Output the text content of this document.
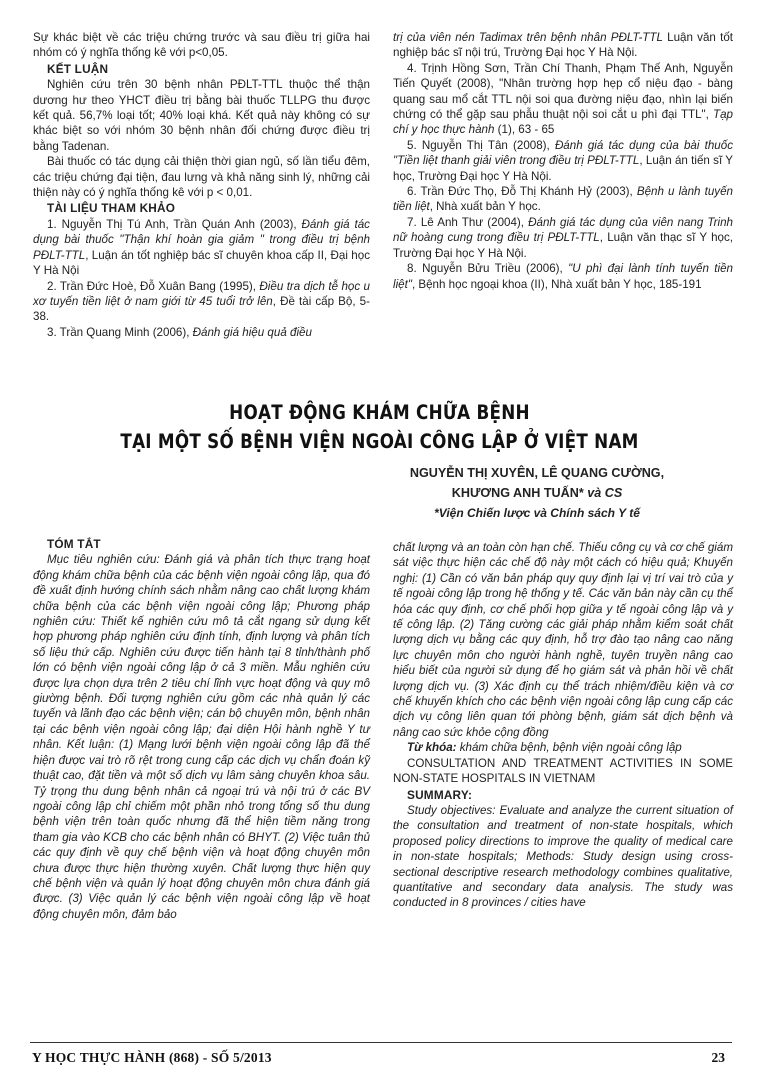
Sự khác biệt về các triệu chứng trước và sau điều trị giữa hai nhóm có ý nghĩa thống kê với p<0,05.

KẾT LUẬN

Nghiên cứu trên 30 bệnh nhân PĐLT-TTL thuộc thể thận dương hư theo YHCT điều trị bằng bài thuốc TLLPG thu được kết quả. 56,7% loại tốt; 40% loại khá. Kết quả này không có sự khác biệt so với nhóm 30 bệnh nhân đối chứng được điều trị bằng Tadenan.

Bài thuốc có tác dụng cải thiện thời gian ngủ, số lần tiểu đêm, các triệu chứng đại tiện, đau lưng và khả năng sinh lý, những cải thiện này có ý nghĩa thống kê với p < 0,01.

TÀI LIỆU THAM KHẢO

1. Nguyễn Thị Tú Anh, Trần Quán Anh (2003), Đánh giá tác dụng bài thuốc "Thận khí hoàn gia giảm " trong điều trị bệnh PĐLT-TTL, Luận án tốt nghiệp bác sĩ chuyên khoa cấp II, Đại học Y Hà Nội

2. Trần Đức Hoè, Đỗ Xuân Bang (1995), Điều tra dịch tễ học u xơ tuyến tiền liệt ở nam giới từ 45 tuổi trở lên, Đề tài cấp Bộ, 5-38.

3. Trần Quang Minh (2006), Đánh giá hiệu quả điều

trị của viên nén Tadimax trên bệnh nhân PĐLT-TTL Luận văn tốt nghiệp bác sĩ nội trú, Trường Đại học Y Hà Nội.

4. Trịnh Hồng Sơn, Trần Chí Thanh, Phạm Thế Anh, Nguyễn Tiến Quyết (2008), "Nhân trường hợp hẹp cổ niệu đạo - bàng quang sau mổ cắt TTL nội soi qua đường niệu đạo, nhìn lại biến chứng có thể gặp sau phẫu thuật nội soi cắt u phì đại TTL", Tạp chí y học thực hành (1), 63 - 65

5. Nguyễn Thị Tân (2008), Đánh giá tác dụng của bài thuốc "Tiền liệt thanh giải viên trong điều trị PĐLT-TTL, Luận án tiến sĩ Y học, Trường Đại học Y Hà Nội.

6. Trần Đức Thọ, Đỗ Thị Khánh Hỷ (2003), Bệnh u lành tuyến tiền liệt, Nhà xuất bản Y học.

7. Lê Anh Thư (2004), Đánh giá tác dụng của viên nang Trinh nữ hoàng cung trong điều trị PĐLT-TTL, Luận văn thạc sĩ Y học, Trường Đại học Y Hà Nội.

8. Nguyễn Bửu Triều (2006), "U phì đại lành tính tuyến tiền liệt", Bệnh học ngoại khoa (II), Nhà xuất bản Y học, 185-191

HOẠT ĐỘNG KHÁM CHỮA BỆNH
TẠI MỘT SỐ BỆNH VIỆN NGOÀI CÔNG LẬP Ở VIỆT NAM
NGUYỄN THỊ XUYÊN, LÊ QUANG CƯỜNG,
KHƯƠNG ANH TUẤN* và CS
*Viện Chiến lược và Chính sách Y tế
TÓM TẮT

Mục tiêu nghiên cứu: Đánh giá và phân tích thực trạng hoạt động khám chữa bệnh của các bệnh viện ngoài công lập, qua đó đề xuất định hướng chính sách nhằm nâng cao chất lượng khám chữa bệnh của các bệnh viện ngoài công lập; Phương pháp nghiên cứu: Thiết kế nghiên cứu mô tả cắt ngang sử dụng kết hợp phương pháp nghiên cứu định tính, định lượng và phân tích số liệu thứ cấp. Nghiên cứu được tiến hành tại 8 tỉnh/thành phố lớn có bệnh viện ngoài công lập ở cả 3 miền. Mẫu nghiên cứu được lựa chọn dựa trên 2 tiêu chí lĩnh vực hoạt động và quy mô giường bệnh. Đối tượng nghiên cứu gồm các nhà quản lý các tuyến và lãnh đạo các bệnh viện; cán bộ chuyên môn, bệnh nhân tại các bệnh viện ngoài công lập; đại diện Hội hành nghề Y tư nhân. Kết luận: (1) Mạng lưới bệnh viện ngoài công lập đã thể hiện được vai trò rõ rệt trong cung cấp các dịch vụ chẩn đoán kỹ thuật cao, đặt tiền và một số dịch vụ lâm sàng chuyên khoa sâu. Tỷ trọng thu dung bệnh nhân cả ngoại trú và nội trú ở các BV ngoài công lập chỉ chiếm một phần nhỏ trong tổng số thu dung bệnh viện trên toàn quốc nhưng đã thể hiện tiềm năng trong tham gia vào KCB cho các bệnh nhân có BHYT. (2) Việc tuân thủ các quy định về quy chế bệnh viện và hoạt động chuyên môn chưa được thực hiện thường xuyên. Chất lượng thực hiện quy chế bệnh viện và quản lý hoạt động chuyên môn chưa đánh giá được. (3) Việc quản lý các bệnh viện ngoài công lập về hoạt động chuyên môn, đảm bảo

chất lượng và an toàn còn hạn chế. Thiếu công cụ và cơ chế giám sát việc thực hiện các chế độ này một cách có hiệu quả; Khuyến nghị: (1) Cần có văn bản pháp quy quy định lại vị trí vai trò của y tế ngoài công lập trong hệ thống y tế. Các văn bản này cần cụ thể hóa các quy định, cơ chế phối hợp giữa y tế ngoài công lập và y tế công lập. (2) Tăng cường các giải pháp nhằm kiểm soát chất lượng dịch vụ bằng các quy định, hỗ trợ đào tạo nâng cao năng lực chuyên môn cho người hành nghề, tuyên truyền nâng cao hiểu biết của người sử dụng để họ giám sát và phản hồi về chất lượng dịch vụ. (3) Xác định cụ thể trách nhiệm/điều kiện và cơ chế khuyến khích cho các bệnh viện ngoài công lập cung cấp các dịch vụ công liên quan tới phòng bệnh, giám sát dịch bệnh và nâng cao sức khỏe cộng đồng

Từ khóa: khám chữa bệnh, bệnh viện ngoài công lập

CONSULTATION AND TREATMENT ACTIVITIES IN SOME NON-STATE HOSPITALS IN VIETNAM

SUMMARY:

Study objectives: Evaluate and analyze the current situation of the consultation and treatment of non-state hospitals, which proposed policy directions to improve the quality of medical care in non-state hospitals; Methods: Study design using cross-sectional descriptive research methodology combines qualitative, quantitative and secondary data analysis. The study was conducted in 8 provinces / cities have

Y HỌC THỰC HÀNH (868) - SỐ 5/2013	23
